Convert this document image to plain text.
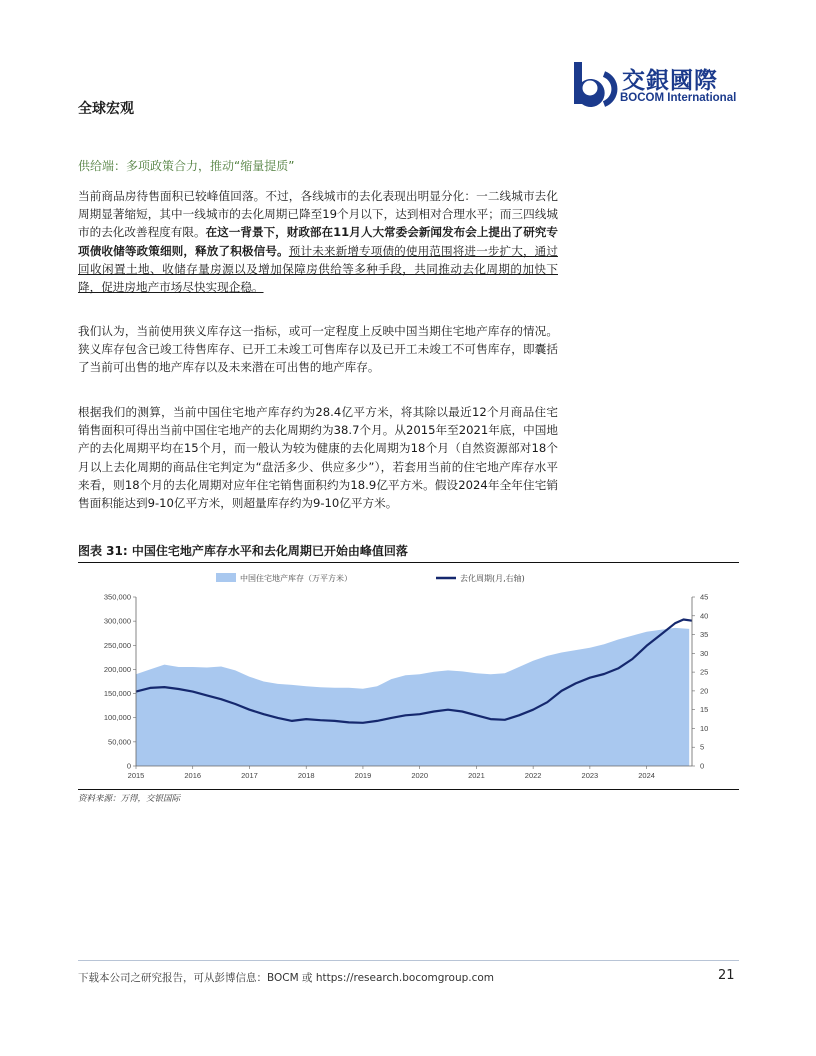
交銀國際
BOCOM International
全球宏观
供给端：多项政策合力，推动“缩量提质”

当前商品房待售面积已较峰值回落。不过，各线城市的去化表现出明显分化：一二线城市去化周期显著缩短，其中一线城市的去化周期已降至19个月以下，达到相对合理水平；而三四线城市的去化改善程度有限。在这一背景下，财政部在11月人大常委会新闻发布会上提出了研究专项债收储等政策细则，释放了积极信号。预计未来新增专项债的使用范围将进一步扩大，通过回收闲置土地、收储存量房源以及增加保障房供给等多种手段，共同推动去化周期的加快下降，促进房地产市场尽快实现企稳。

我们认为，当前使用狭义库存这一指标，或可一定程度上反映中国当期住宅地产库存的情况。狭义库存包含已竣工待售库存、已开工未竣工可售库存以及已开工未竣工不可售库存，即囊括了当前可出售的地产库存以及未来潜在可出售的地产库存。

根据我们的测算，当前中国住宅地产库存约为28.4亿平方米，将其除以最近12个月商品住宅销售面积可得出当前中国住宅地产的去化周期约为38.7个月。从2015年至2021年底，中国地产的去化周期平均在15个月，而一般认为较为健康的去化周期为18个月（自然资源部对18个月以上去化周期的商品住宅判定为“盘活多少、供应多少”），若套用当前的住宅地产库存水平来看，则18个月的去化周期对应年住宅销售面积约为18.9亿平方米。假设2024年全年住宅销售面积能达到9-10亿平方米，则超量库存约为9-10亿平方米。

图表 31: 中国住宅地产库存水平和去化周期已开始由峰值回落
中国住宅地产库存（万平方米）	去化周期(月,右轴)
0
50,000
100,000
150,000
200,000
250,000
300,000
350,000
0
5
10
15
20
25
30
35
40
45
2015	2016	2017	2018	2019	2020	2021	2022	2023	2024
资料来源：万得，交银国际
下载本公司之研究报告，可从彭博信息：BOCM 或 https://research.bocomgroup.com	21
